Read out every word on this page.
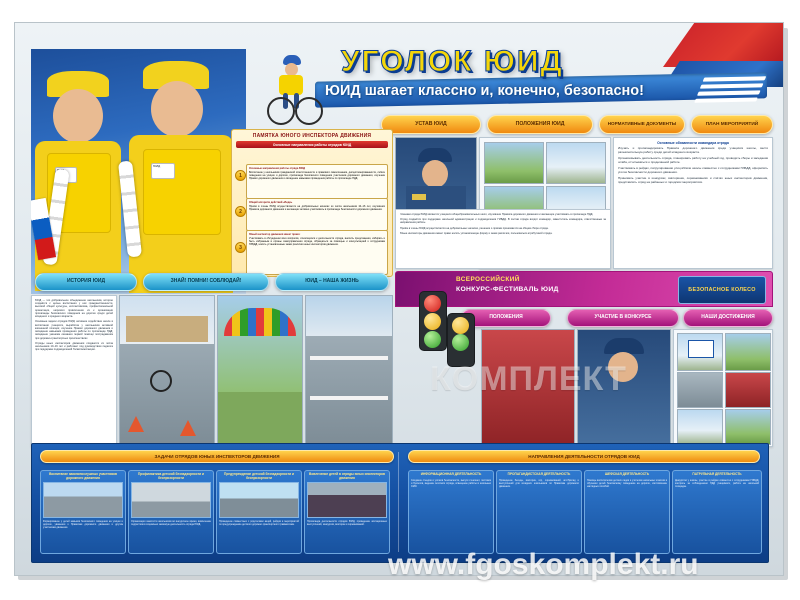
ЮИД
УГОЛОК ЮИД
ЮИД шагает классно и, конечно, безопасно!
УСТАВ ЮИД	ПОЛОЖЕНИЯ ЮИД	НОРМАТИВНЫЕ ДОКУМЕНТЫ	ПЛАН МЕРОПРИЯТИЙ
ПАМЯТКА ЮНОГО ИНСПЕКТОРА ДВИЖЕНИЯ
Основные направления работы отрядов ЮИД
1
Основные направления работы отряда ЮИД
Воспитание у школьников гражданской ответственности и правового самосознания, дисциплинированности, culture поведения на улицах и дорогах, пропаганда безопасного поведения участников дорожного движения, изучение Правил дорожного движения и овладение навыками проведения работы по пропаганде ПДД.
2
Общий алгоритм действий «Веди»
Приём в члены ЮИД осуществляется на добровольных началах из числа школьников 10–16 лет, изучивших Правила дорожного движения и желающих активно участвовать в пропаганде безопасности дорожного движения.
3
Юный инспектор движения имеет право:
Участвовать в обсуждении всех вопросов, относящихся к деятельности отряда, вносить предложения, избирать и быть избранным в органы самоуправления отряда, обращаться за помощью и консультацией к сотрудникам ГИБДД, носить установленные знаки различия юных инспекторов движения.

Основные обязанности командира отряда

Изучать и пропагандировать Правила дорожного движения среди учащихся школы, вести разъяснительную работу среди детей младшего возраста.

Организовывать деятельность отряда, планировать работу на учебный год, проводить сборы и заседания штаба, отчитываться о проделанной работе.

Участвовать в рейдах, патрулировании улиц вблизи школы совместно с сотрудниками ГИБДД, оформлять уголок безопасности дорожного движения.

Принимать участие в конкурсах, викторинах, соревнованиях и слётах юных инспекторов движения, представлять отряд на районных и городских мероприятиях.

Членами отряда ЮИД являются учащиеся общеобразовательных школ, изучившие Правила дорожного движения и желающие участвовать в пропаганде ПДД.

Отряд создаётся при поддержке школьной администрации и подразделения ГИБДД. В состав отряда входят командир, заместитель командира, ответственные за направления работы.

Приём в члены ЮИД осуществляется на добровольных началах, решение о приёме принимается на общем сборе отряда.

Юные инспекторы движения имеют право носить установленную форму и знаки различия, пользоваться атрибутикой отряда.

ИСТОРИЯ ЮИД	ЗНАЙ! ПОМНИ! СОБЛЮДАЙ!	ЮИД – НАША ЖИЗНЬ	ВСЕРОССИЙСКИЙ
КОНКУРС-ФЕСТИВАЛЬ ЮИД	БЕЗОПАСНОЕ КОЛЕСО
ПОЛОЖЕНИЯ	УЧАСТИЕ В КОНКУРСЕ	НАШИ ДОСТИЖЕНИЯ

ЮИД — это добровольное объединение школьников, которое создаётся с целью воспитания у них гражданственности, высокой общей культуры, коллективизма, профессиональной ориентации, широкого привлечения их к организации пропаганды безопасного поведения на дорогах среди детей младшего и среднего возраста.

Основные задачи отрядов ЮИД: активное содействие школе в воспитании учащихся, выработка у школьников активной жизненной позиции; изучение Правил дорожного движения и овладение навыками проведения работы по пропаганде ПДД; овладение умением оказания первой помощи пострадавшим при дорожно-транспортных происшествиях.

Отряды юных инспекторов движения создаются из числа школьников 10–16 лет и работают под руководством педагога при поддержке подразделений Госавтоинспекции.

ЗАДАЧИ ОТРЯДОВ ЮНЫХ ИНСПЕКТОРОВ ДВИЖЕНИЯ
Воспитание законопослушных участников дорожного движения
Формирование у детей навыков безопасного поведения на улицах и дорогах, уважения к Правилам дорожного движения и другим участникам движения.
Профилактика детской безнадзорности и беспризорности
Организация занятости школьников во внеурочное время, вовлечение подростков в социально значимую деятельность отряда ЮИД.
Предупреждение детской безнадзорности и беспризорности
Проведение совместных с родителями акций, рейдов и мероприятий по предупреждению детского дорожно-транспортного травматизма.
Вовлечение детей в отряды юных инспекторов движения
Пропаганда деятельности отрядов ЮИД, проведение агитационных выступлений, конкурсов, викторин и соревнований.
НАПРАВЛЕНИЯ ДЕЯТЕЛЬНОСТИ ОТРЯДОВ ЮИД
ИНФОРМАЦИОННАЯ ДЕЯТЕЛЬНОСТЬ
Создание стендов и уголков безопасности, выпуск стенгазет, листовок и буклетов, ведение летописи отряда, освещение работы в школьных СМИ.
ПРОПАГАНДИСТСКАЯ ДЕЯТЕЛЬНОСТЬ
Проведение беседы, викторин, игр, соревнований, агитбригад и выступлений для младших школьников по Правилам дорожного движения.
ШЕФСКАЯ ДЕЯТЕЛЬНОСТЬ
Помощь воспитателям детских садов и учителям начальных классов в обучении детей безопасному поведению на дорогах, изготовление наглядных пособий.
ПАТРУЛЬНАЯ ДЕЯТЕЛЬНОСТЬ
Дежурство у школы, участие в рейдах совместно с сотрудниками ГИБДД, контроль за соблюдением ПДД учащимися, работа на школьной площадке.
КОМПЛЕКТ
www.fgoskomplekt.ru
